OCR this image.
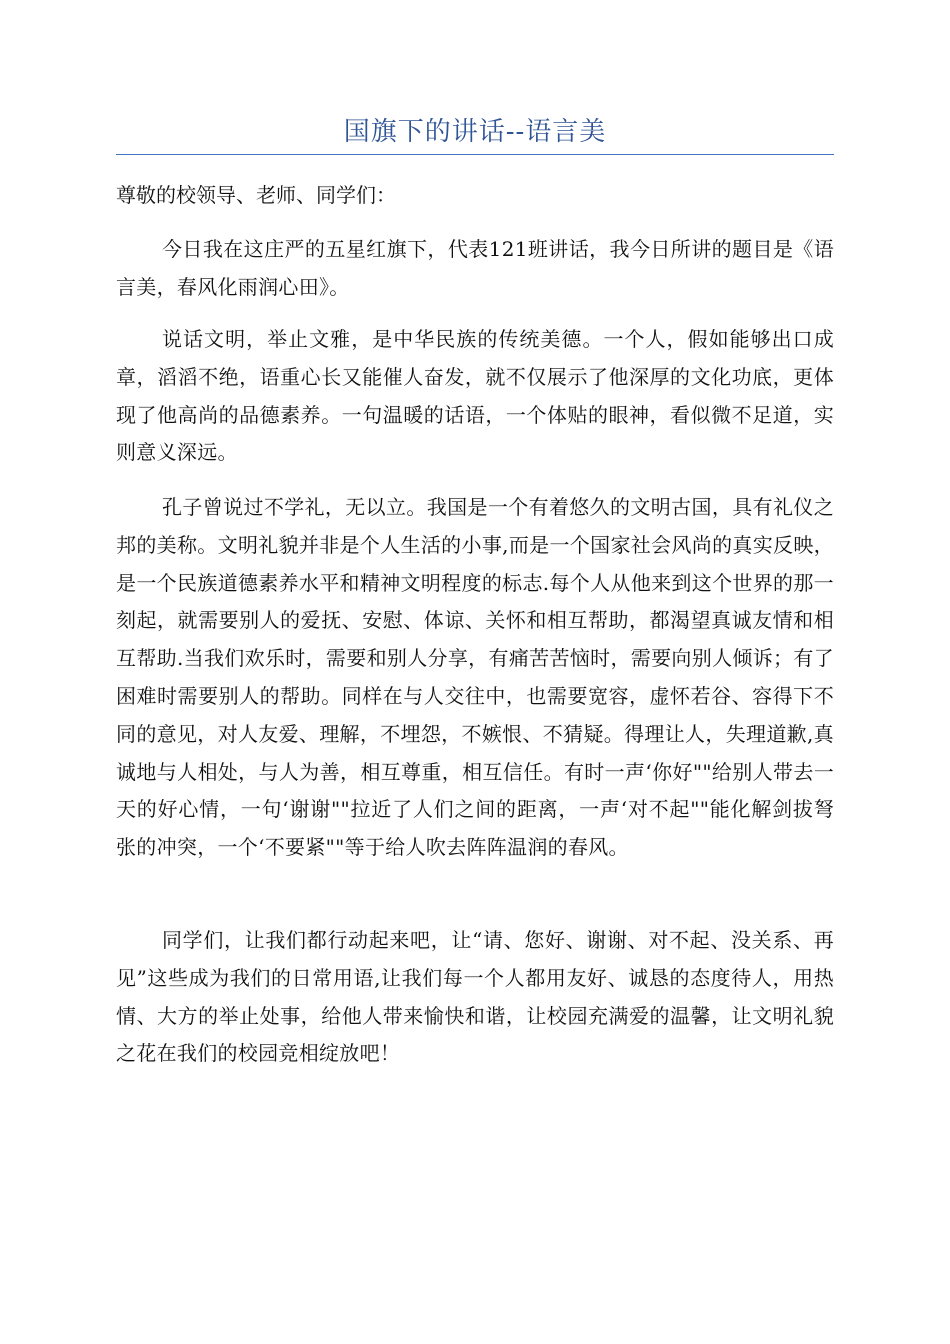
国旗下的讲话--语言美

尊敬的校领导、老师、同学们：

今日我在这庄严的五星红旗下，代表121班讲话，我今日所讲的题目是《语言美，春风化雨润心田》。

说话文明，举止文雅，是中华民族的传统美德。一个人，假如能够出口成章，滔滔不绝，语重心长又能催人奋发，就不仅展示了他深厚的文化功底，更体现了他高尚的品德素养。一句温暖的话语，一个体贴的眼神，看似微不足道，实则意义深远。

孔子曾说过不学礼，无以立。我国是一个有着悠久的文明古国，具有礼仪之邦的美称。文明礼貌并非是个人生活的小事,而是一个国家社会风尚的真实反映，是一个民族道德素养水平和精神文明程度的标志.每个人从他来到这个世界的那一刻起，就需要别人的爱抚、安慰、体谅、关怀和相互帮助，都渴望真诚友情和相互帮助.当我们欢乐时，需要和别人分享，有痛苦苦恼时，需要向别人倾诉；有了困难时需要别人的帮助。同样在与人交往中，也需要宽容，虚怀若谷、容得下不同的意见，对人友爱、理解，不埋怨，不嫉恨、不猜疑。得理让人，失理道歉,真诚地与人相处，与人为善，相互尊重，相互信任。有时一声‘你好""给别人带去一天的好心情，一句‘谢谢""拉近了人们之间的距离，一声‘对不起""能化解剑拔弩张的冲突，一个‘不要紧""等于给人吹去阵阵温润的春风。

同学们，让我们都行动起来吧，让“请、您好、谢谢、对不起、没关系、再见”这些成为我们的日常用语,让我们每一个人都用友好、诚恳的态度待人，用热情、大方的举止处事，给他人带来愉快和谐，让校园充满爱的温馨，让文明礼貌之花在我们的校园竞相绽放吧！
